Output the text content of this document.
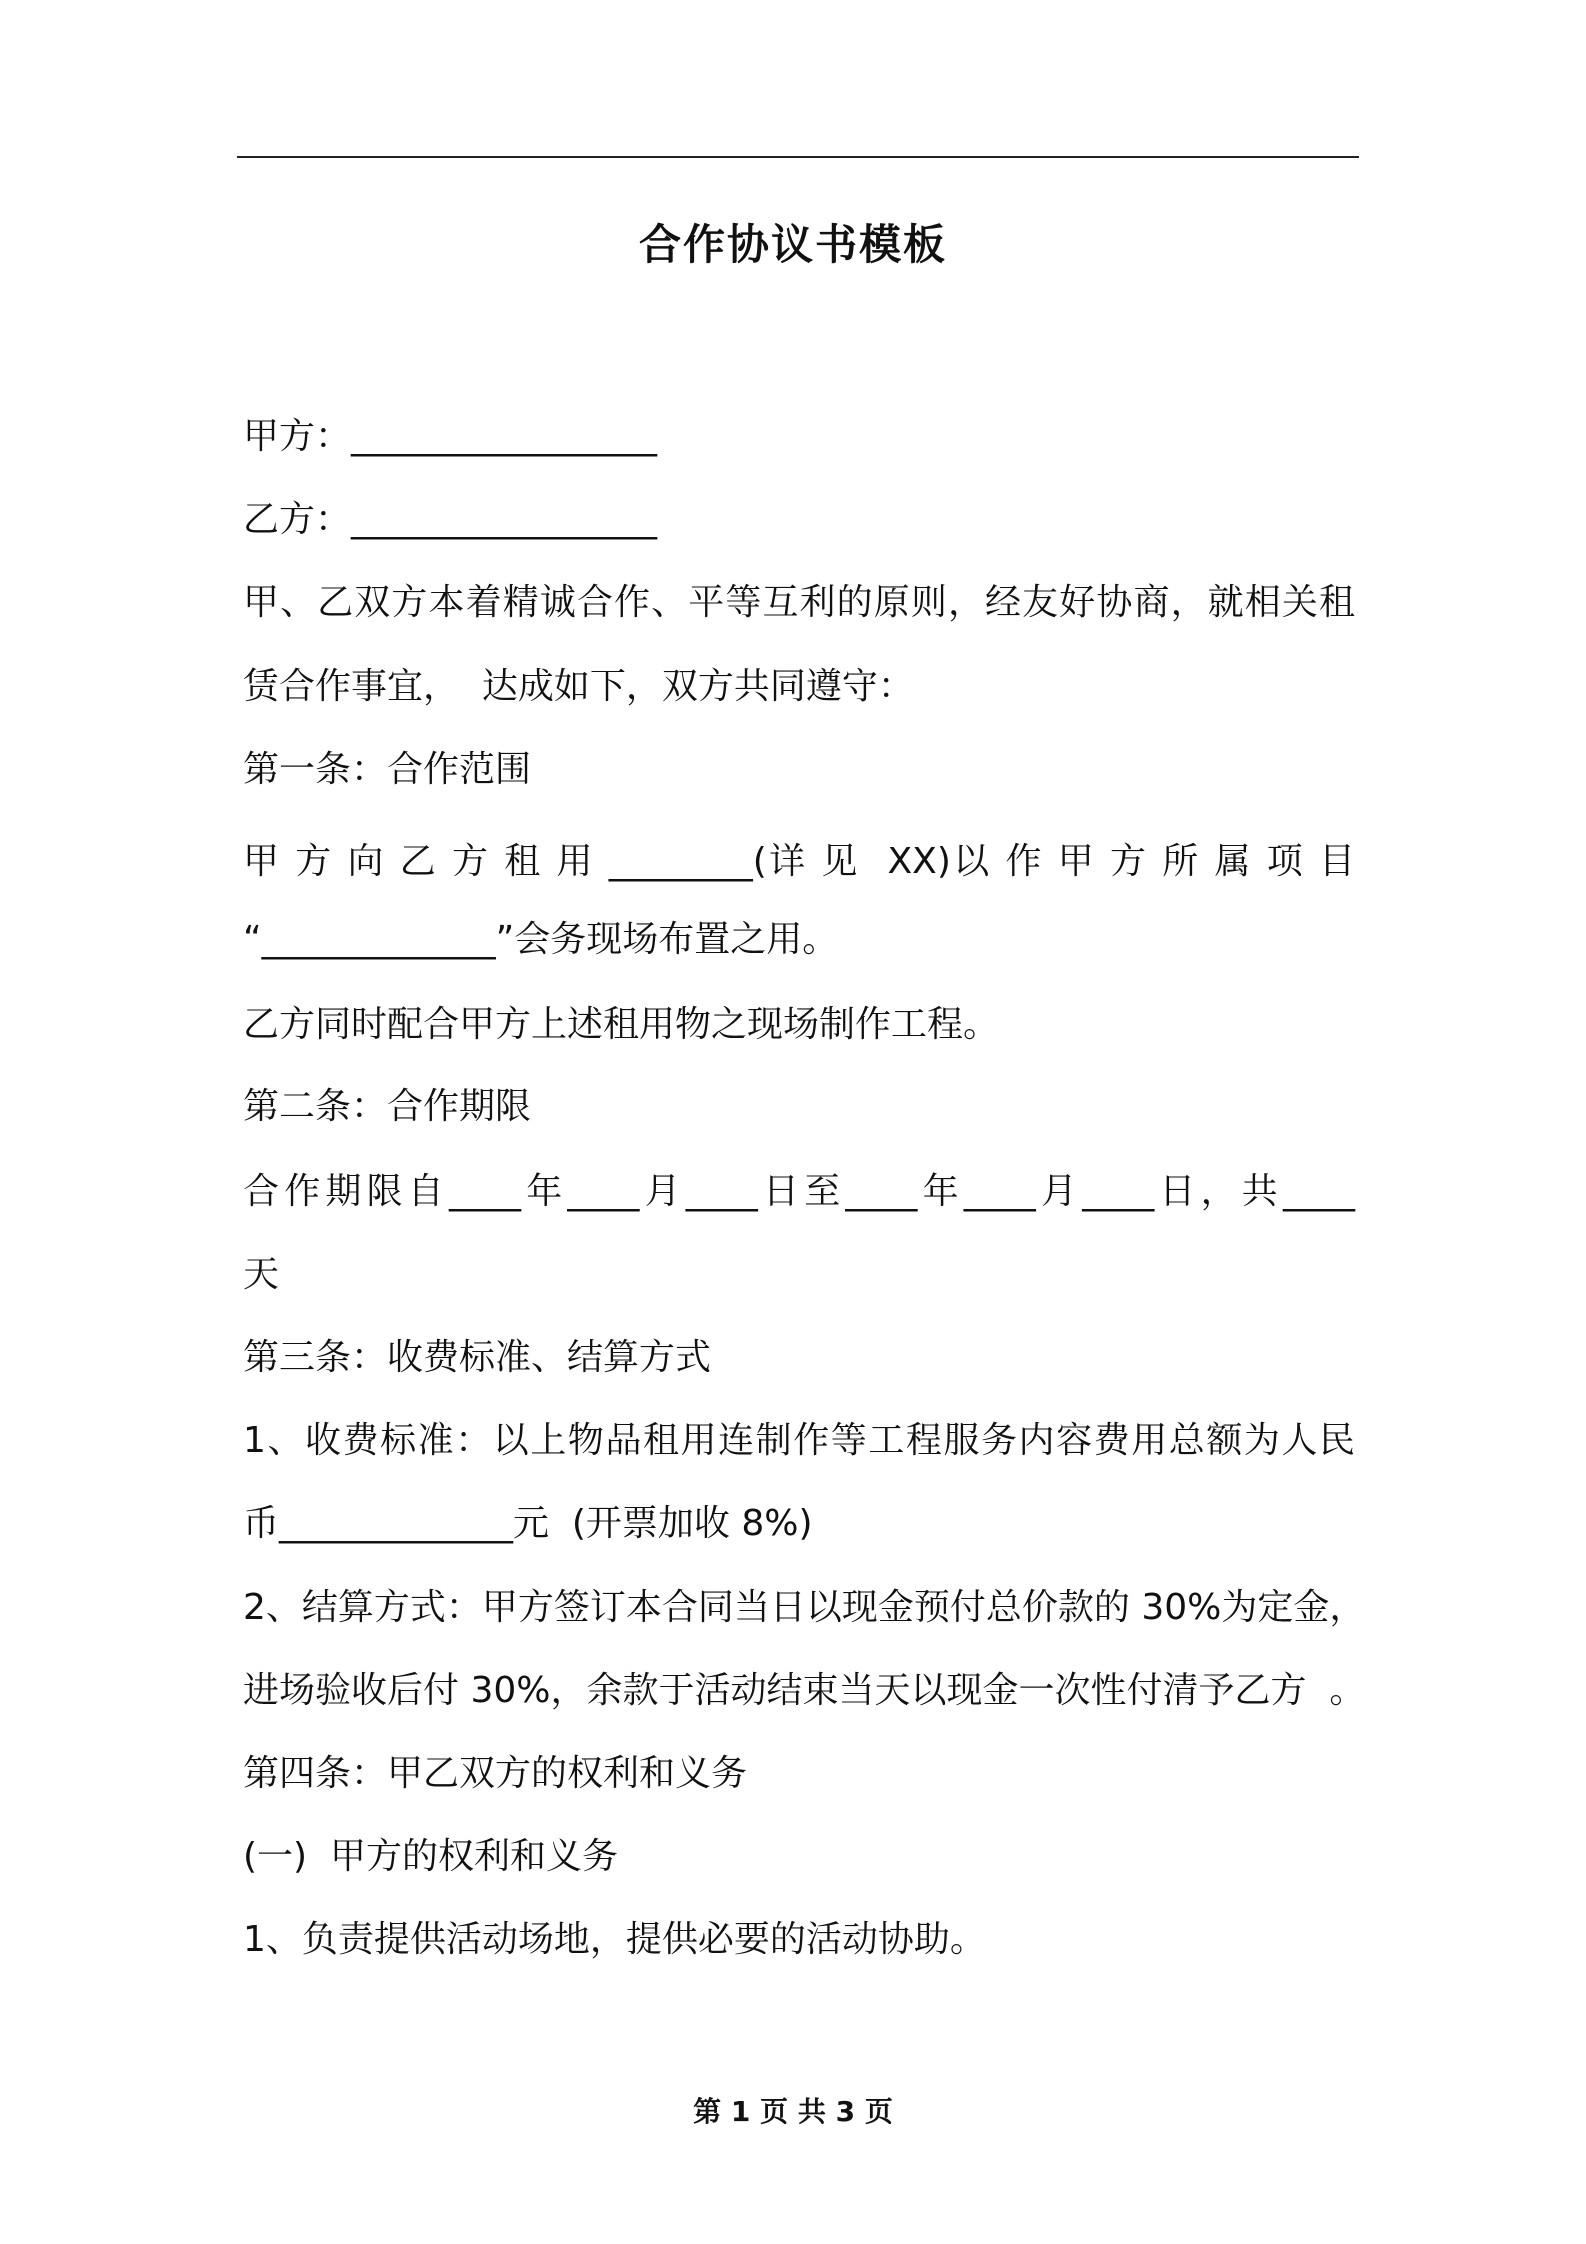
合作协议书模板
甲方：_________________
乙方：_________________
甲、乙双方本着精诚合作、平等互利的原则，经友好协商，就相关租
赁合作事宜，  达成如下，双方共同遵守：
第一条：合作范围
甲 方 向 乙 方 租 用 ________(详 见  XX)以 作 甲 方 所 属 项 目
“_____________”会务现场布置之用。
乙方同时配合甲方上述租用物之现场制作工程。
第二条：合作期限
合作期限自____年____月____日至____年____月____日，共____
天
第三条：收费标准、结算方式
1、收费标准：以上物品租用连制作等工程服务内容费用总额为人民
币_____________元  (开票加收 8%)
2、结算方式：甲方签订本合同当日以现金预付总价款的 30%为定金，
进场验收后付 30%，余款于活动结束当天以现金一次性付清予乙方  。
第四条：甲乙双方的权利和义务
(一)  甲方的权利和义务
1、负责提供活动场地，提供必要的活动协助。
第 1 页 共 3 页
